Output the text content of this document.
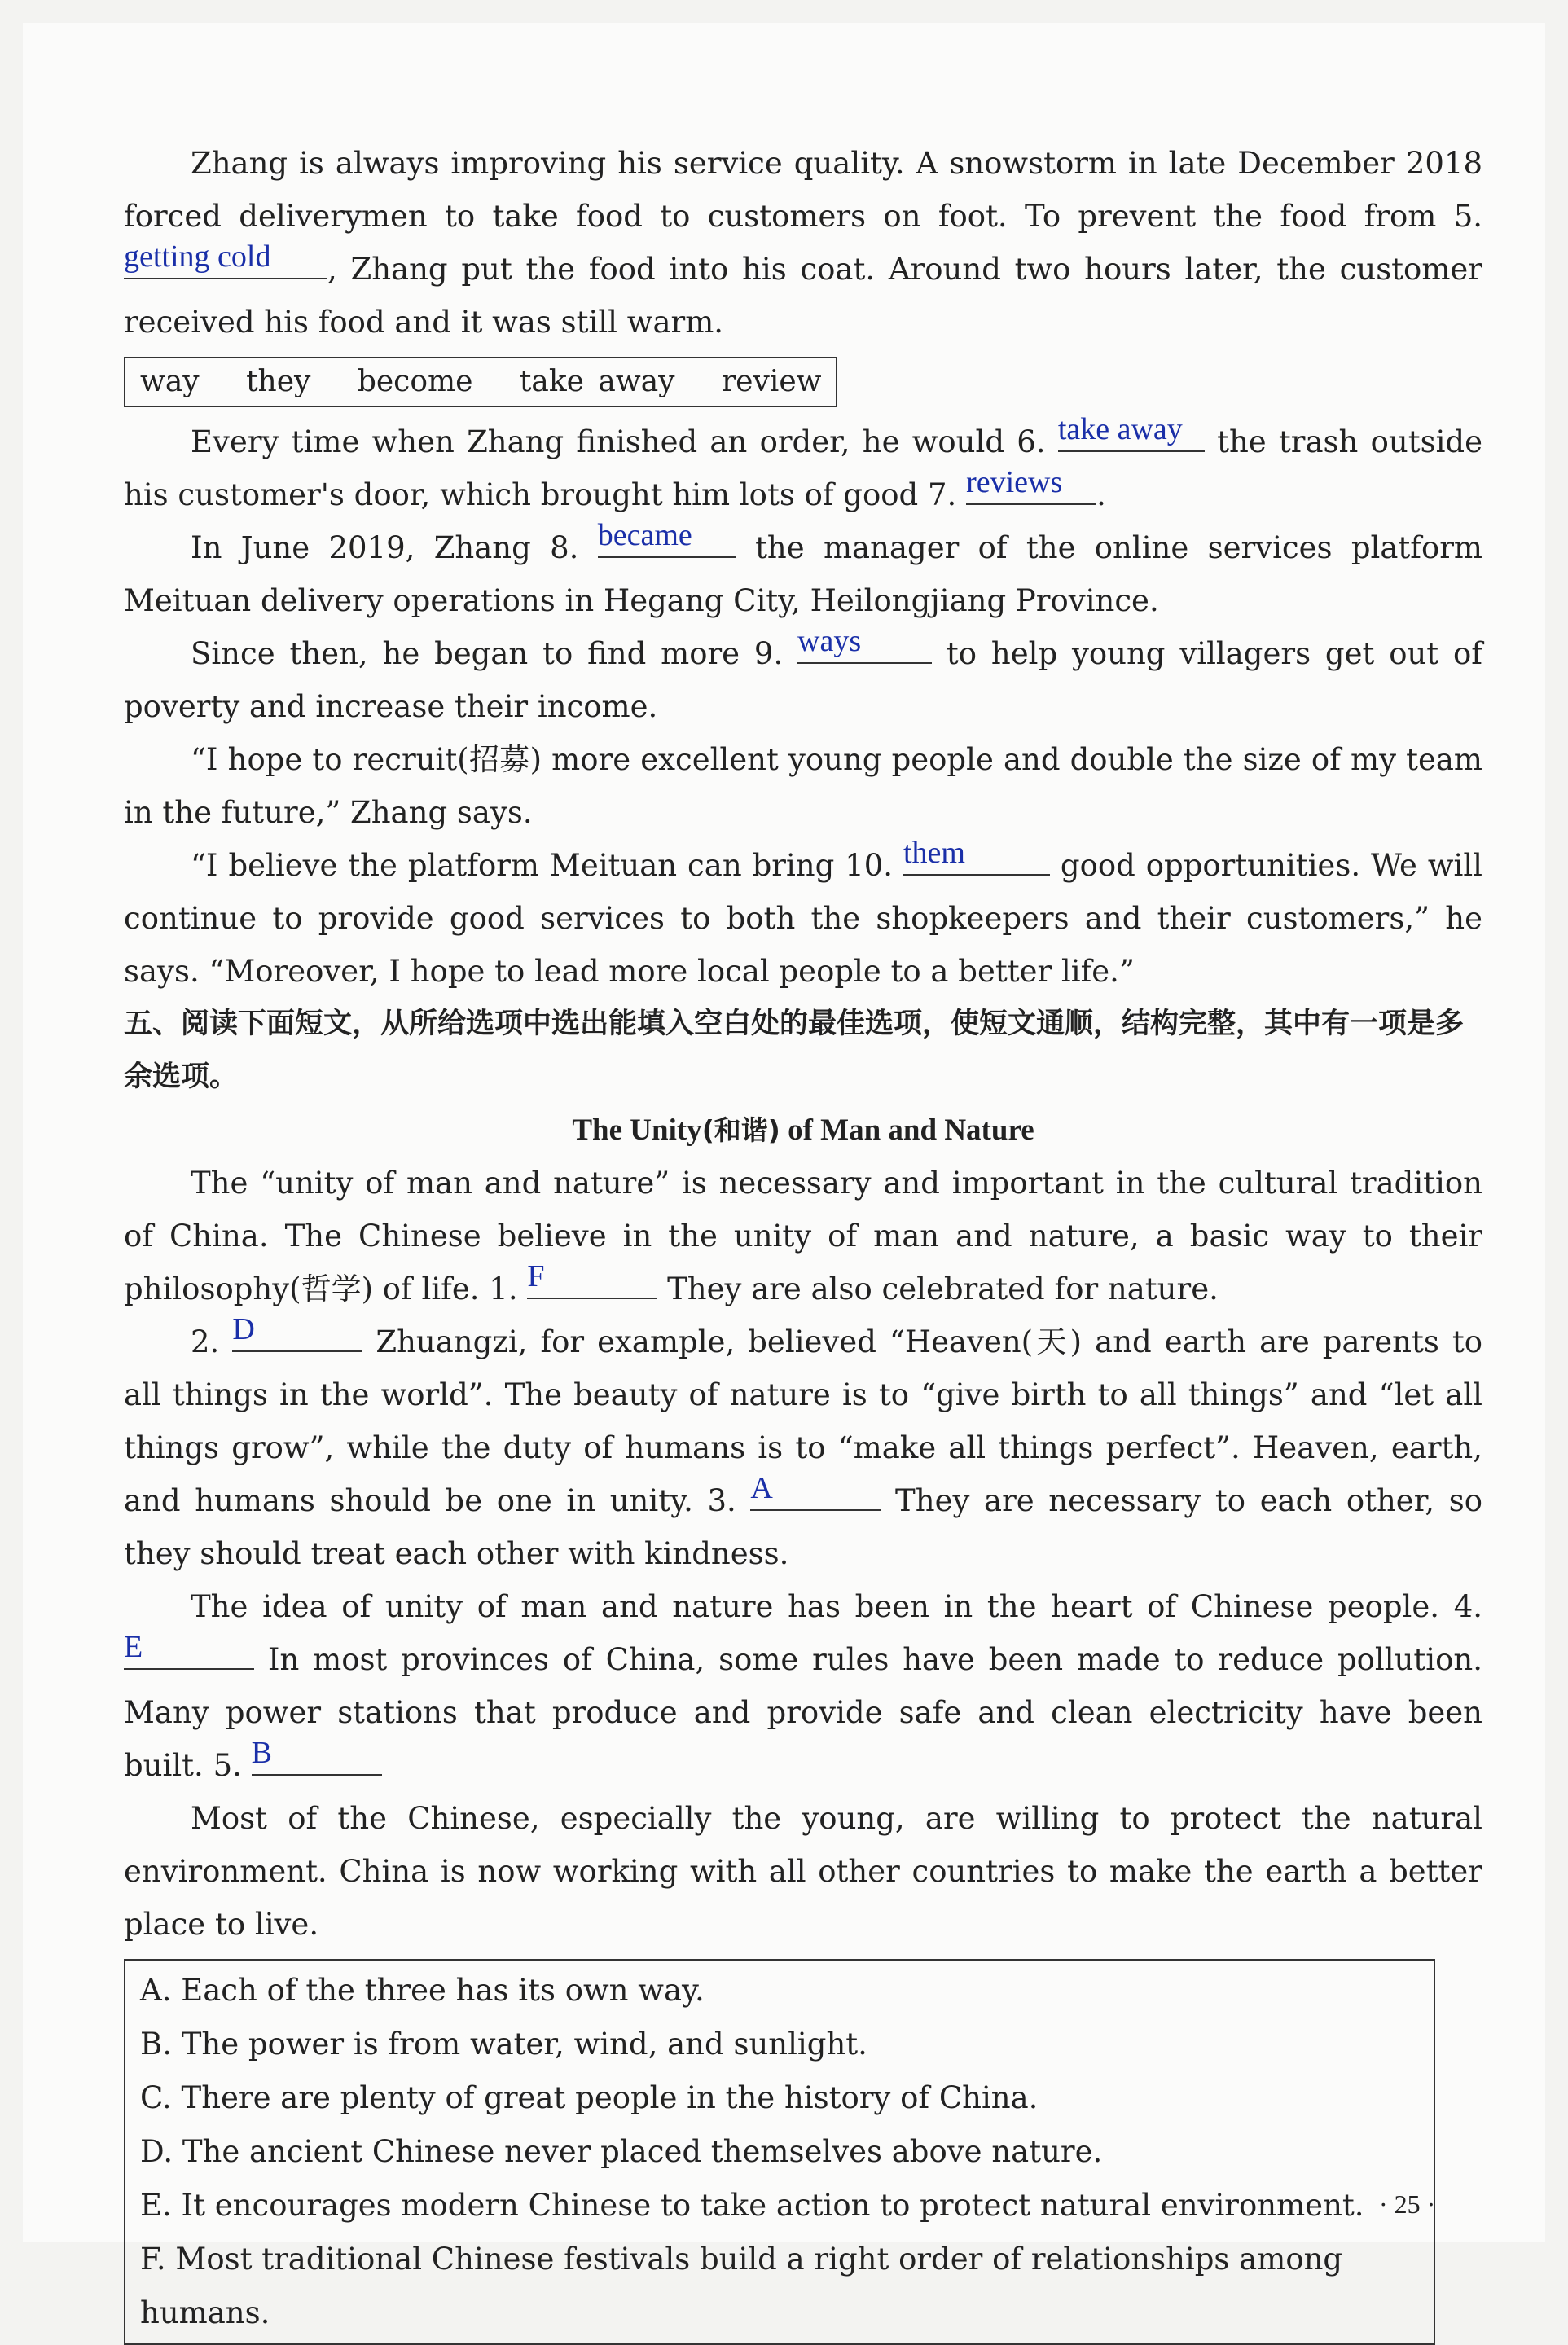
Zhang is always improving his service quality. A snowstorm in late December 2018 forced deliverymen to take food to customers on foot. To prevent the food from 5.
getting cold	, Zhang put the food into his coat. Around two hours later, the customer received his food and it was still warm.

way they become take away review

Every time when Zhang finished an order, he would 6. take away the trash outside his customer's door, which brought him lots of good 7. reviews	.

In June 2019, Zhang 8. became	the manager of the online services platform Meituan delivery operations in Hegang City, Heilongjiang Province.

Since then, he began to find more 9. ways	to help young villagers get out of poverty and increase their income.

“I hope to recruit(招募) more excellent young people and double the size of my team in the future,” Zhang says.

“I believe the platform Meituan can bring 10. them	good opportunities. We will continue to provide good services to both the shopkeepers and their customers,” he says. “Moreover, I hope to lead more local people to a better life.”

五、阅读下面短文，从所给选项中选出能填入空白处的最佳选项，使短文通顺，结构完整，其中有一项是多余选项。

The Unity(和谐) of Man and Nature

The “unity of man and nature” is necessary and important in the cultural tradition of China. The Chinese believe in the unity of man and nature, a basic way to their philosophy(哲学) of life. 1. F	They are also celebrated for nature.

2. D	Zhuangzi, for example, believed “Heaven(天) and earth are parents to all things in the world”. The beauty of nature is to “give birth to all things” and “let all things grow”, while the duty of humans is to “make all things perfect”. Heaven, earth, and humans should be one in unity. 3. A	They are necessary to each other, so they should treat each other with kindness.

The idea of unity of man and nature has been in the heart of Chinese people. 4.
E	In most provinces of China, some rules have been made to reduce pollution. Many power stations that produce and provide safe and clean electricity have been built. 5. B

Most of the Chinese, especially the young, are willing to protect the natural environment. China is now working with all other countries to make the earth a better place to live.

A. Each of the three has its own way.

B. The power is from water, wind, and sunlight.

C. There are plenty of great people in the history of China.

D. The ancient Chinese never placed themselves above nature.

E. It encourages modern Chinese to take action to protect natural environment.

F. Most traditional Chinese festivals build a right order of relationships among humans.

· 25 ·
